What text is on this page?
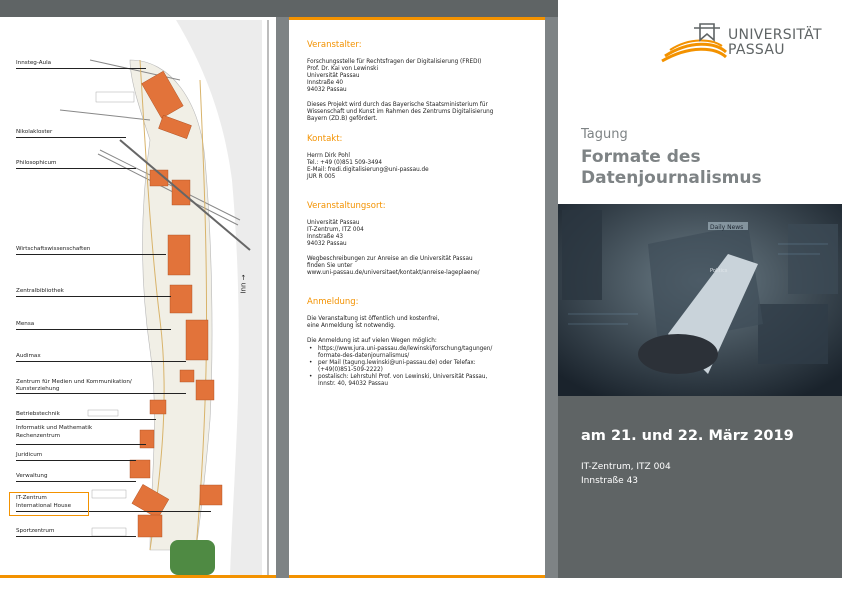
Innsteg-Aula
Nikolakloster
Philosophicum
Wirtschaftswissenschaften
Zentralbibliothek
Mensa
Audimax
Zentrum für Medien und Kommunikation/
Kunsterziehung
Betriebstechnik
Informatik und Mathematik
Rechenzentrum
Juridicum
Verwaltung
IT-Zentrum
International House
Sportzentrum
Inn →
Veranstalter:
Forschungsstelle für Rechtsfragen der Digitalisierung (FREDI)
Prof. Dr. Kai von Lewinski
Universität Passau
Innstraße 40
94032 Passau
Dieses Projekt wird durch das Bayerische Staatsministerium für
Wissenschaft und Kunst im Rahmen des Zentrums Digitalisierung
Bayern (ZD.B) gefördert.
Kontakt:
Herrn Dirk Pohl
Tel.: +49 (0)851 509-3494
E-Mail: fredi.digitalisierung@uni-passau.de
JUR R 005
Veranstaltungsort:
Universität Passau
IT-Zentrum, ITZ 004
Innstraße 43
94032 Passau
Wegbeschreibungen zur Anreise an die Universität Passau
finden Sie unter
www.uni-passau.de/universitaet/kontakt/anreise-lageplaene/
Anmeldung:
Die Veranstaltung ist öffentlich und kostenfrei,
eine Anmeldung ist notwendig.
Die Anmeldung ist auf vielen Wegen möglich:
• https://www.jura.uni-passau.de/lewinski/forschung/tagungen/
formate-des-datenjournalismus/
• per Mail (tagung.lewinski@uni-passau.de) oder Telefax:
(+49(0)851-509-2222)
• postalisch: Lehrstuhl Prof. von Lewinski, Universität Passau,
Innstr. 40, 94032 Passau
UNIVERSITÄT
PASSAU
Tagung
Formate des
Datenjournalismus
Daily News
Politics
am 21. und 22. März 2019
IT-Zentrum, ITZ 004
Innstraße 43
